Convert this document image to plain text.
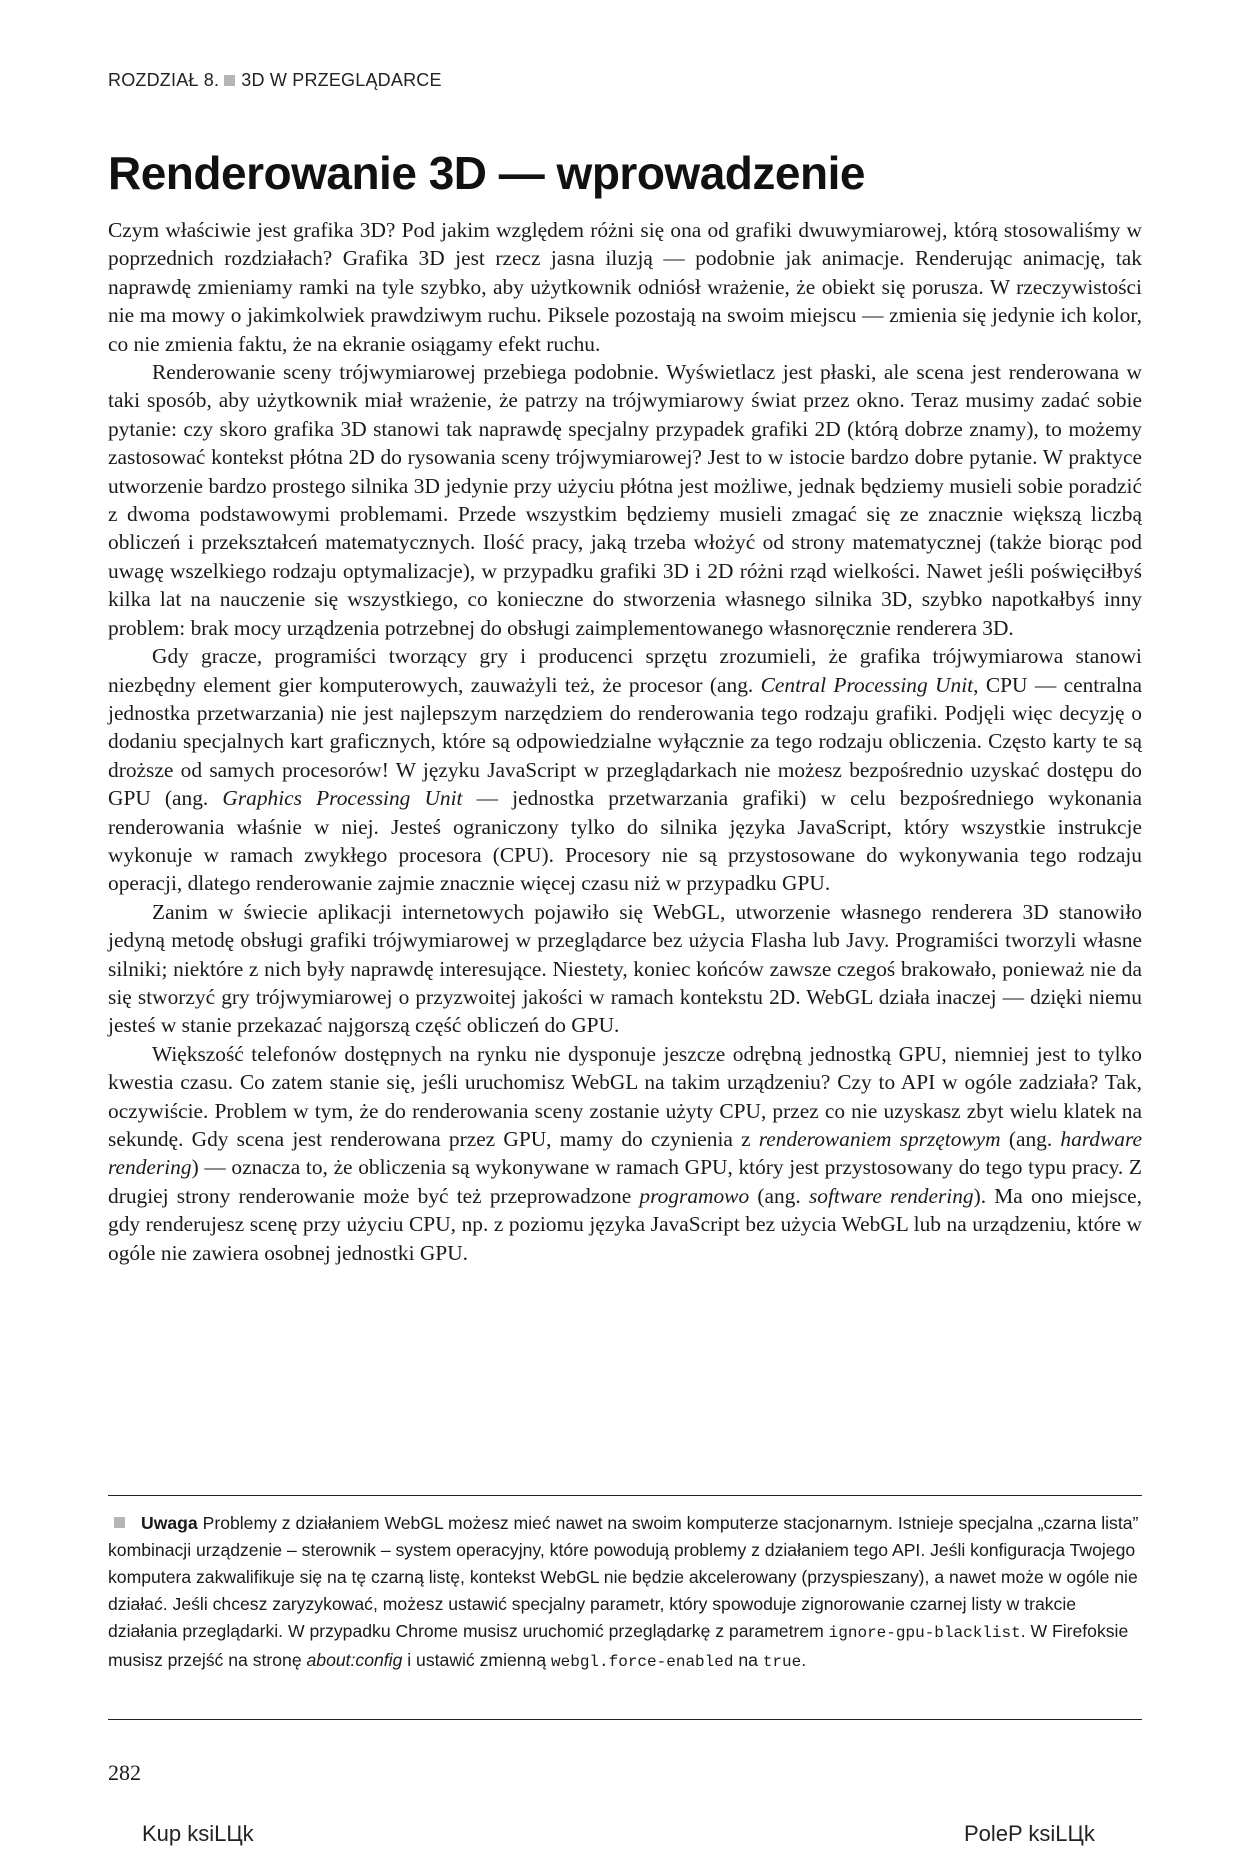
ROZDZIAŁ 8. 3D W PRZEGLĄDARCE
Renderowanie 3D — wprowadzenie

Czym właściwie jest grafika 3D? Pod jakim względem różni się ona od grafiki dwuwymiarowej, którą stosowaliśmy w poprzednich rozdziałach? Grafika 3D jest rzecz jasna iluzją — podobnie jak animacje. Renderując animację, tak naprawdę zmieniamy ramki na tyle szybko, aby użytkownik odniósł wrażenie, że obiekt się porusza. W rzeczywistości nie ma mowy o jakimkolwiek prawdziwym ruchu. Piksele pozostają na swoim miejscu — zmienia się jedynie ich kolor, co nie zmienia faktu, że na ekranie osiągamy efekt ruchu.

Renderowanie sceny trójwymiarowej przebiega podobnie. Wyświetlacz jest płaski, ale scena jest renderowana w taki sposób, aby użytkownik miał wrażenie, że patrzy na trójwymiarowy świat przez okno. Teraz musimy zadać sobie pytanie: czy skoro grafika 3D stanowi tak naprawdę specjalny przypadek grafiki 2D (którą dobrze znamy), to możemy zastosować kontekst płótna 2D do rysowania sceny trójwymiarowej? Jest to w istocie bardzo dobre pytanie. W praktyce utworzenie bardzo prostego silnika 3D jedynie przy użyciu płótna jest możliwe, jednak będziemy musieli sobie poradzić z dwoma podstawowymi problemami. Przede wszystkim będziemy musieli zmagać się ze znacznie większą liczbą obliczeń i przekształceń matematycznych. Ilość pracy, jaką trzeba włożyć od strony matematycznej (także biorąc pod uwagę wszelkiego rodzaju optymalizacje), w przypadku grafiki 3D i 2D różni rząd wielkości. Nawet jeśli poświęciłbyś kilka lat na nauczenie się wszystkiego, co konieczne do stworzenia własnego silnika 3D, szybko napotkałbyś inny problem: brak mocy urządzenia potrzebnej do obsługi zaimplementowanego własnoręcznie renderera 3D.

Gdy gracze, programiści tworzący gry i producenci sprzętu zrozumieli, że grafika trójwymiarowa stanowi niezbędny element gier komputerowych, zauważyli też, że procesor (ang. Central Processing Unit, CPU — centralna jednostka przetwarzania) nie jest najlepszym narzędziem do renderowania tego rodzaju grafiki. Podjęli więc decyzję o dodaniu specjalnych kart graficznych, które są odpowiedzialne wyłącznie za tego rodzaju obliczenia. Często karty te są droższe od samych procesorów! W języku JavaScript w przeglądarkach nie możesz bezpośrednio uzyskać dostępu do GPU (ang. Graphics Processing Unit — jednostka przetwarzania grafiki) w celu bezpośredniego wykonania renderowania właśnie w niej. Jesteś ograniczony tylko do silnika języka JavaScript, który wszystkie instrukcje wykonuje w ramach zwykłego procesora (CPU). Procesory nie są przystosowane do wykonywania tego rodzaju operacji, dlatego renderowanie zajmie znacznie więcej czasu niż w przypadku GPU.

Zanim w świecie aplikacji internetowych pojawiło się WebGL, utworzenie własnego renderera 3D stanowiło jedyną metodę obsługi grafiki trójwymiarowej w przeglądarce bez użycia Flasha lub Javy. Programiści tworzyli własne silniki; niektóre z nich były naprawdę interesujące. Niestety, koniec końców zawsze czegoś brakowało, ponieważ nie da się stworzyć gry trójwymiarowej o przyzwoitej jakości w ramach kontekstu 2D. WebGL działa inaczej — dzięki niemu jesteś w stanie przekazać najgorszą część obliczeń do GPU.

Większość telefonów dostępnych na rynku nie dysponuje jeszcze odrębną jednostką GPU, niemniej jest to tylko kwestia czasu. Co zatem stanie się, jeśli uruchomisz WebGL na takim urządzeniu? Czy to API w ogóle zadziała? Tak, oczywiście. Problem w tym, że do renderowania sceny zostanie użyty CPU, przez co nie uzyskasz zbyt wielu klatek na sekundę. Gdy scena jest renderowana przez GPU, mamy do czynienia z renderowaniem sprzętowym (ang. hardware rendering) — oznacza to, że obliczenia są wykonywane w ramach GPU, który jest przystosowany do tego typu pracy. Z drugiej strony renderowanie może być też przeprowadzone programowo (ang. software rendering). Ma ono miejsce, gdy renderujesz scenę przy użyciu CPU, np. z poziomu języka JavaScript bez użycia WebGL lub na urządzeniu, które w ogóle nie zawiera osobnej jednostki GPU.

Uwaga Problemy z działaniem WebGL możesz mieć nawet na swoim komputerze stacjonarnym. Istnieje specjalna „czarna lista” kombinacji urządzenie – sterownik – system operacyjny, które powodują problemy z działaniem tego API. Jeśli konfiguracja Twojego komputera zakwalifikuje się na tę czarną listę, kontekst WebGL nie będzie akcelerowany (przyspieszany), a nawet może w ogóle nie działać. Jeśli chcesz zaryzykować, możesz ustawić specjalny parametr, który spowoduje zignorowanie czarnej listy w trakcie działania przeglądarki. W przypadku Chrome musisz uruchomić przeglądarkę z parametrem ignore-gpu-blacklist. W Firefoksie musisz przejść na stronę about:config i ustawić zmienną webgl.force-enabled na true.
282
Kup ksiLЦk	PoleP ksiLЦk
